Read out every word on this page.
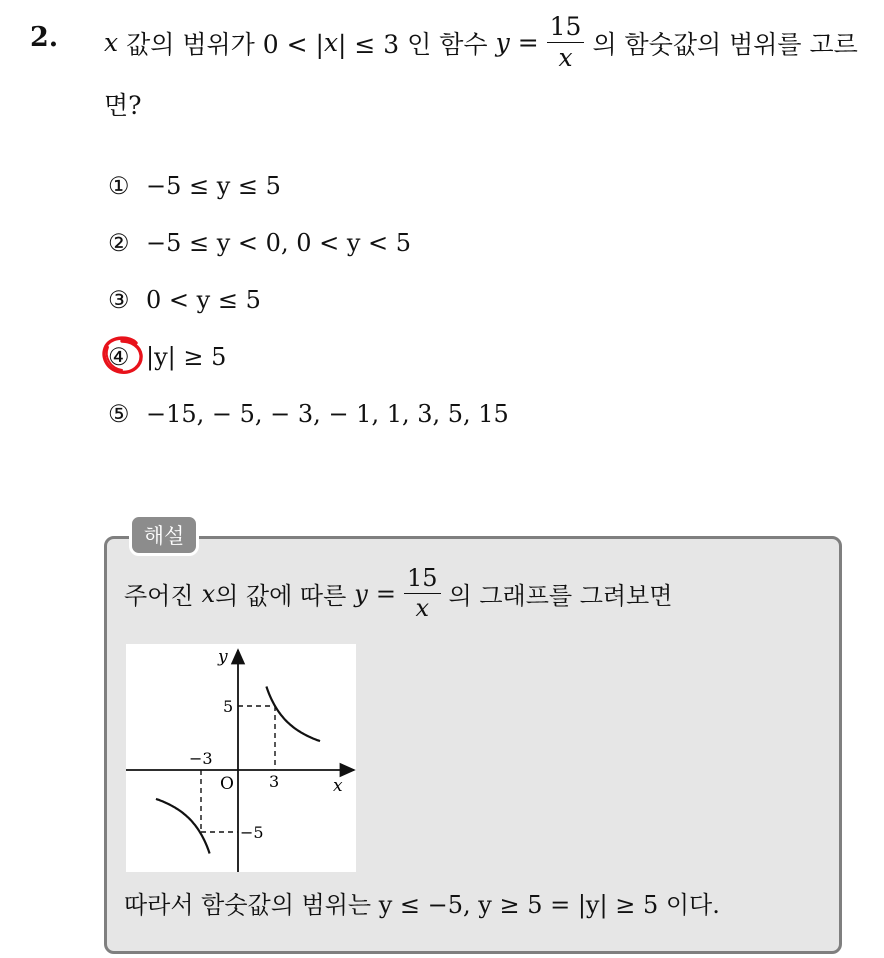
2. x 값의 범위가 0 < | x | ≤ 3 인 함수 $y = \frac{15}{x}$ 의 함숫값의 범위를 고르
면?
① −5 ≤ y ≤ 5
② −5 ≤ y < 0, 0 < y < 5
③ 0 < y ≤ 5
④ |y| ≥ 5
⑤ −15, − 5, − 3, − 1, 1, 3, 5, 15
해설
주어진 x 의 값에 따른 $y = \frac{15}{x}$ 의 그래프를 그려보면
y
x
O 3
−3
5
−5
따라서 함숫값의 범위는 y ≤ −5, y ≥ 5 = |y| ≥ 5 이다.
